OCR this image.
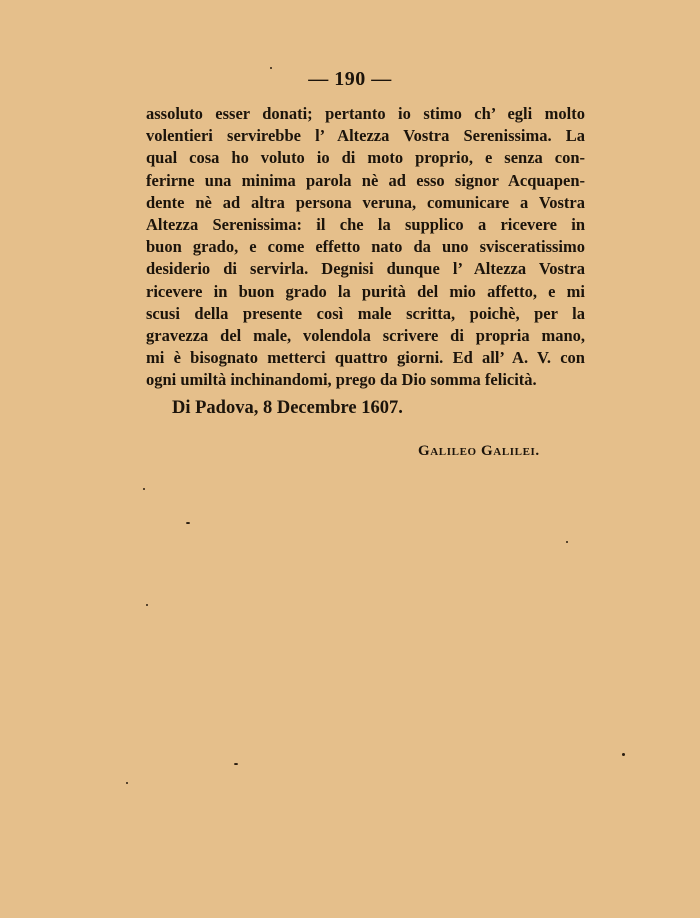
— 190 —
assoluto esser donati; pertanto io stimo ch’ egli molto
volentieri servirebbe l’ Altezza Vostra Serenissima. La
qual cosa ho voluto io di moto proprio, e senza con-
ferirne una minima parola nè ad esso signor Acquapen-
dente nè ad altra persona veruna, comunicare a Vostra
Altezza Serenissima: il che la supplico a ricevere in
buon grado, e come effetto nato da uno svisceratissimo
desiderio di servirla. Degnisi dunque l’ Altezza Vostra
ricevere in buon grado la purità del mio affetto, e mi
scusi della presente così male scritta, poichè, per la
gravezza del male, volendola scrivere di propria mano,
mi è bisognato metterci quattro giorni. Ed all’ A. V. con
ogni umiltà inchinandomi, prego da Dio somma felicità.
Di Padova, 8 Decembre 1607.
Galileo Galilei.
